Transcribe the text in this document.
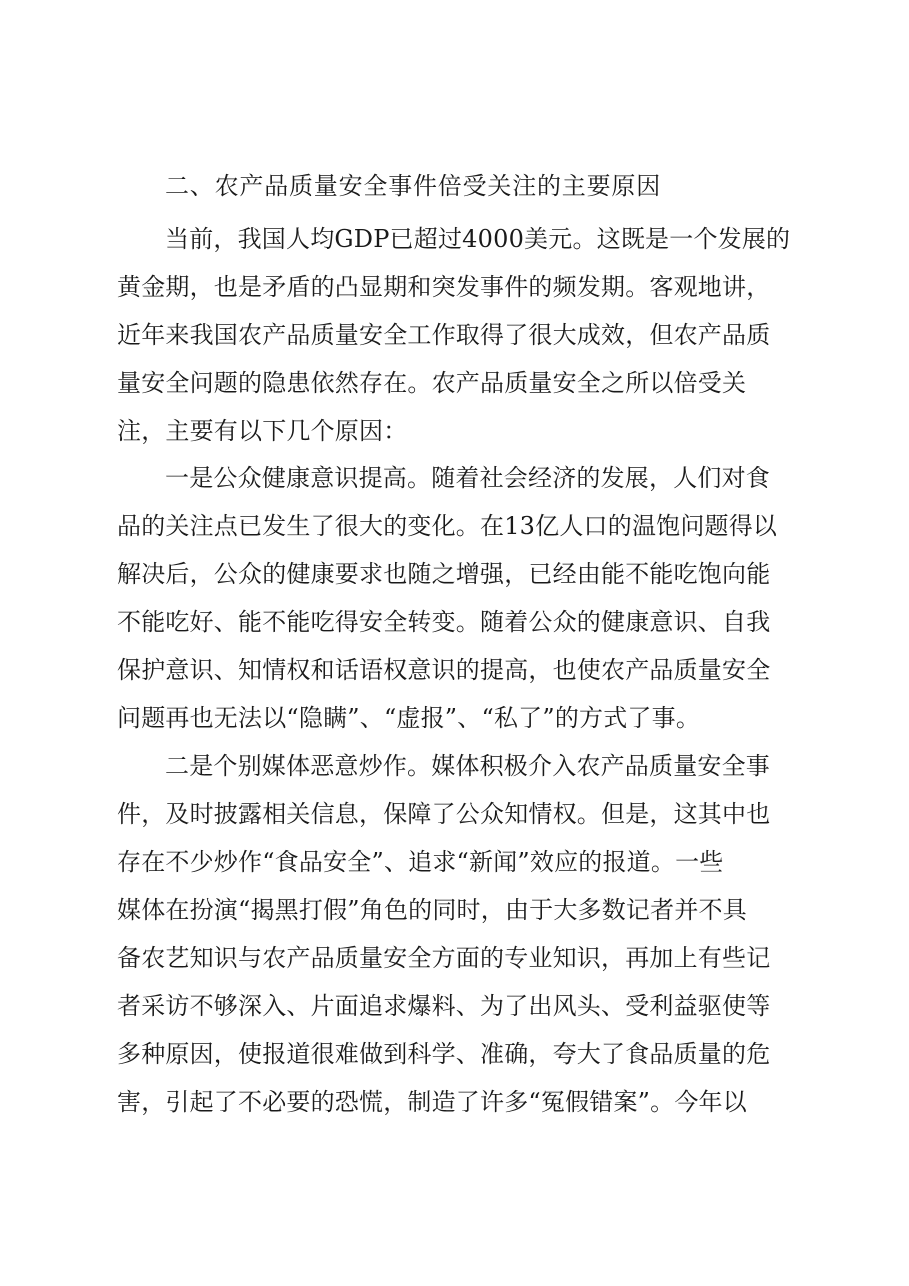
二、农产品质量安全事件倍受关注的主要原因
当前，我国人均GDP已超过4000美元。这既是一个发展的
黄金期，也是矛盾的凸显期和突发事件的频发期。客观地讲，
近年来我国农产品质量安全工作取得了很大成效，但农产品质
量安全问题的隐患依然存在。农产品质量安全之所以倍受关
注，主要有以下几个原因：
一是公众健康意识提高。随着社会经济的发展，人们对食
品的关注点已发生了很大的变化。在13亿人口的温饱问题得以
解决后，公众的健康要求也随之增强，已经由能不能吃饱向能
不能吃好、能不能吃得安全转变。随着公众的健康意识、自我
保护意识、知情权和话语权意识的提高，也使农产品质量安全
问题再也无法以“隐瞒”、“虚报”、“私了”的方式了事。
二是个别媒体恶意炒作。媒体积极介入农产品质量安全事
件，及时披露相关信息，保障了公众知情权。但是，这其中也
存在不少炒作“食品安全”、追求“新闻”效应的报道。一些
媒体在扮演“揭黑打假”角色的同时，由于大多数记者并不具
备农艺知识与农产品质量安全方面的专业知识，再加上有些记
者采访不够深入、片面追求爆料、为了出风头、受利益驱使等
多种原因，使报道很难做到科学、准确，夸大了食品质量的危
害，引起了不必要的恐慌，制造了许多“冤假错案”。今年以
